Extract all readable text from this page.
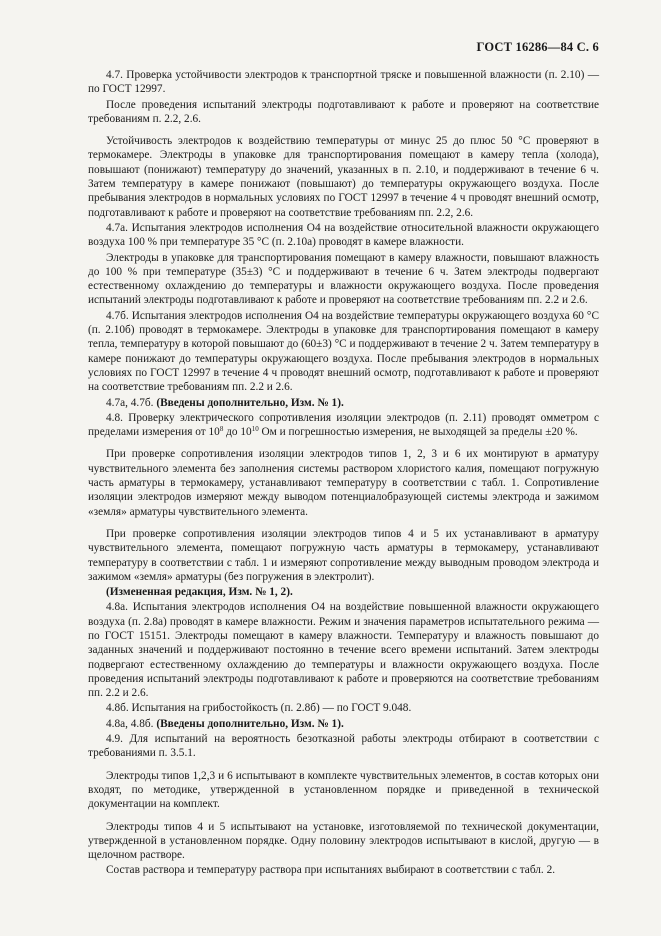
ГОСТ 16286—84 С. 6

4.7. Проверка устойчивости электродов к транспортной тряске и повышенной влажности (п. 2.10) — по ГОСТ 12997.

После проведения испытаний электроды подготавливают к работе и проверяют на соответствие требованиям п. 2.2, 2.6.

Устойчивость электродов к воздействию температуры от минус 25 до плюс 50 °С проверяют в термокамере. Электроды в упаковке для транспортирования помещают в камеру тепла (холода), повышают (понижают) температуру до значений, указанных в п. 2.10, и поддерживают в течение 6 ч. Затем температуру в камере понижают (повышают) до температуры окружающего воздуха. После пребывания электродов в нормальных условиях по ГОСТ 12997 в течение 4 ч проводят внешний осмотр, подготавливают к работе и проверяют на соответствие требованиям пп. 2.2, 2.6.

4.7а. Испытания электродов исполнения О4 на воздействие относительной влажности окружающего воздуха 100 % при температуре 35 °С (п. 2.10а) проводят в камере влажности.

Электроды в упаковке для транспортирования помещают в камеру влажности, повышают влажность до 100 % при температуре (35±3) °С и поддерживают в течение 6 ч. Затем электроды подвергают естественному охлаждению до температуры и влажности окружающего воздуха. После проведения испытаний электроды подготавливают к работе и проверяют на соответствие требованиям пп. 2.2 и 2.6.

4.7б. Испытания электродов исполнения О4 на воздействие температуры окружающего воздуха 60 °С (п. 2.10б) проводят в термокамере. Электроды в упаковке для транспортирования помещают в камеру тепла, температуру в которой повышают до (60±3) °С и поддерживают в течение 2 ч. Затем температуру в камере понижают до температуры окружающего воздуха. После пребывания электродов в нормальных условиях по ГОСТ 12997 в течение 4 ч проводят внешний осмотр, подготавливают к работе и проверяют на соответствие требованиям пп. 2.2 и 2.6.

4.7а, 4.7б. (Введены дополнительно, Изм. № 1).

4.8. Проверку электрического сопротивления изоляции электродов (п. 2.11) проводят омметром с пределами измерения от $10^8$ до $10^{10}$ Ом и погрешностью измерения, не выходящей за пределы ±20 %.

При проверке сопротивления изоляции электродов типов 1, 2, 3 и 6 их монтируют в арматуру чувствительного элемента без заполнения системы раствором хлористого калия, помещают погружную часть арматуры в термокамеру, устанавливают температуру в соответствии с табл. 1. Сопротивление изоляции электродов измеряют между выводом потенциалобразующей системы электрода и зажимом «земля» арматуры чувствительного элемента.

При проверке сопротивления изоляции электродов типов 4 и 5 их устанавливают в арматуру чувствительного элемента, помещают погружную часть арматуры в термокамеру, устанавливают температуру в соответствии с табл. 1 и измеряют сопротивление между выводным проводом электрода и зажимом «земля» арматуры (без погружения в электролит).

(Измененная редакция, Изм. № 1, 2).

4.8а. Испытания электродов исполнения О4 на воздействие повышенной влажности окружающего воздуха (п. 2.8а) проводят в камере влажности. Режим и значения параметров испытательного режима — по ГОСТ 15151. Электроды помещают в камеру влажности. Температуру и влажность повышают до заданных значений и поддерживают постоянно в течение всего времени испытаний. Затем электроды подвергают естественному охлаждению до температуры и влажности окружающего воздуха. После проведения испытаний электроды подготавливают к работе и проверяются на соответствие требованиям пп. 2.2 и 2.6.

4.8б. Испытания на грибостойкость (п. 2.8б) — по ГОСТ 9.048.

4.8а, 4.8б. (Введены дополнительно, Изм. № 1).

4.9. Для испытаний на вероятность безотказной работы электроды отбирают в соответствии с требованиями п. 3.5.1.

Электроды типов 1,2,3 и 6 испытывают в комплекте чувствительных элементов, в состав которых они входят, по методике, утвержденной в установленном порядке и приведенной в технической документации на комплект.

Электроды типов 4 и 5 испытывают на установке, изготовляемой по технической документации, утвержденной в установленном порядке. Одну половину электродов испытывают в кислой, другую — в щелочном растворе.

Состав раствора и температуру раствора при испытаниях выбирают в соответствии с табл. 2.
